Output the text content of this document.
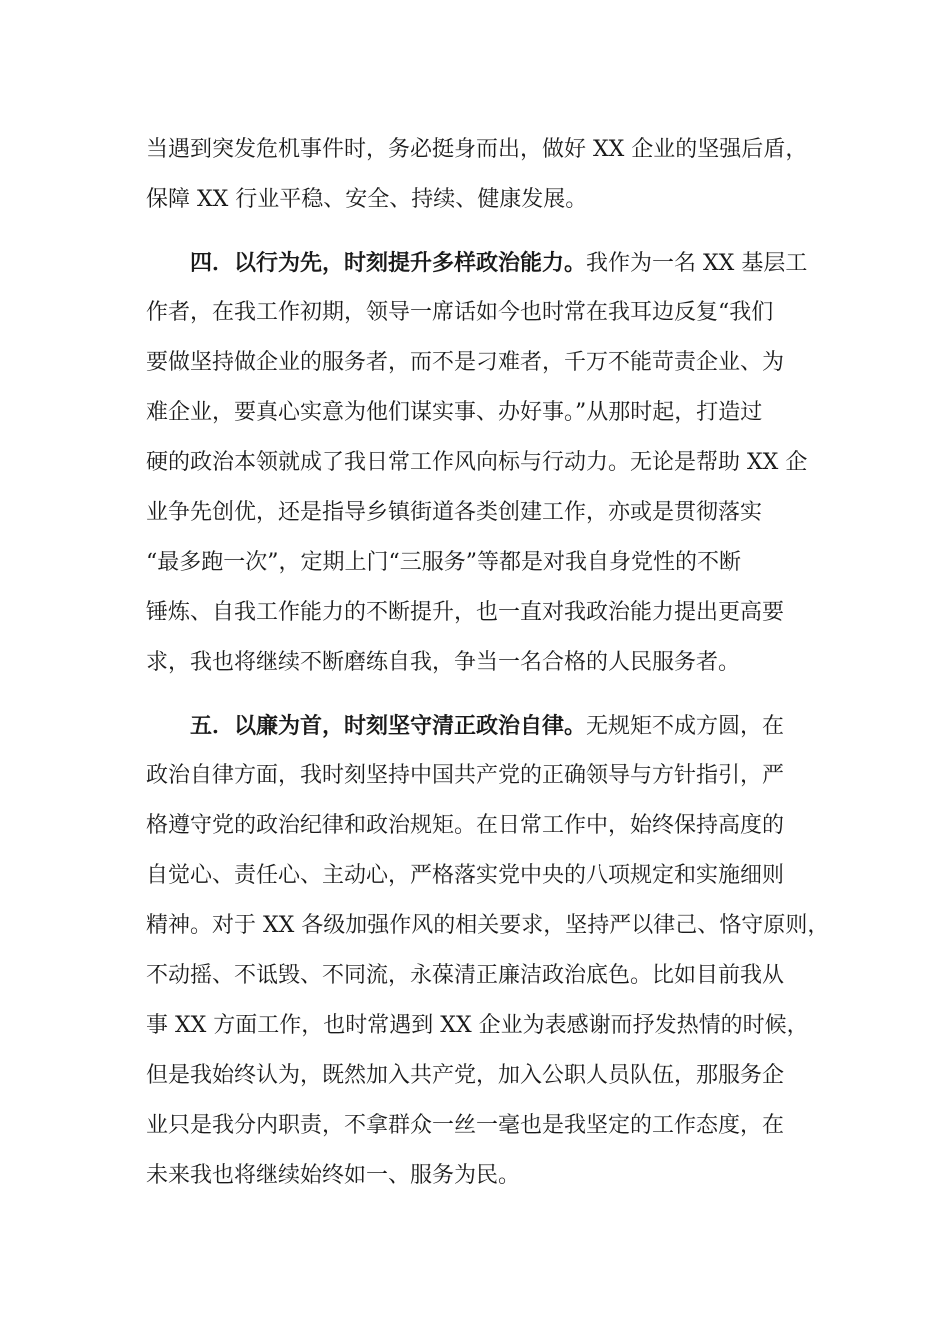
当遇到突发危机事件时，务必挺身而出，做好 XX 企业的坚强后盾，
保障 XX 行业平稳、安全、持续、健康发展。
四．以行为先，时刻提升多样政治能力。我作为一名 XX 基层工
作者，在我工作初期，领导一席话如今也时常在我耳边反复“我们
要做坚持做企业的服务者，而不是刁难者，千万不能苛责企业、为
难企业，要真心实意为他们谋实事、办好事。”从那时起，打造过
硬的政治本领就成了我日常工作风向标与行动力。无论是帮助 XX 企
业争先创优，还是指导乡镇街道各类创建工作，亦或是贯彻落实
“最多跑一次”，定期上门“三服务”等都是对我自身党性的不断
锤炼、自我工作能力的不断提升，也一直对我政治能力提出更高要
求，我也将继续不断磨练自我，争当一名合格的人民服务者。
五．以廉为首，时刻坚守清正政治自律。无规矩不成方圆，在
政治自律方面，我时刻坚持中国共产党的正确领导与方针指引，严
格遵守党的政治纪律和政治规矩。在日常工作中，始终保持高度的
自觉心、责任心、主动心，严格落实党中央的八项规定和实施细则
精神。对于 XX 各级加强作风的相关要求，坚持严以律己、恪守原则，
不动摇、不诋毁、不同流，永葆清正廉洁政治底色。比如目前我从
事 XX 方面工作，也时常遇到 XX 企业为表感谢而抒发热情的时候，
但是我始终认为，既然加入共产党，加入公职人员队伍，那服务企
业只是我分内职责，不拿群众一丝一毫也是我坚定的工作态度，在
未来我也将继续始终如一、服务为民。
